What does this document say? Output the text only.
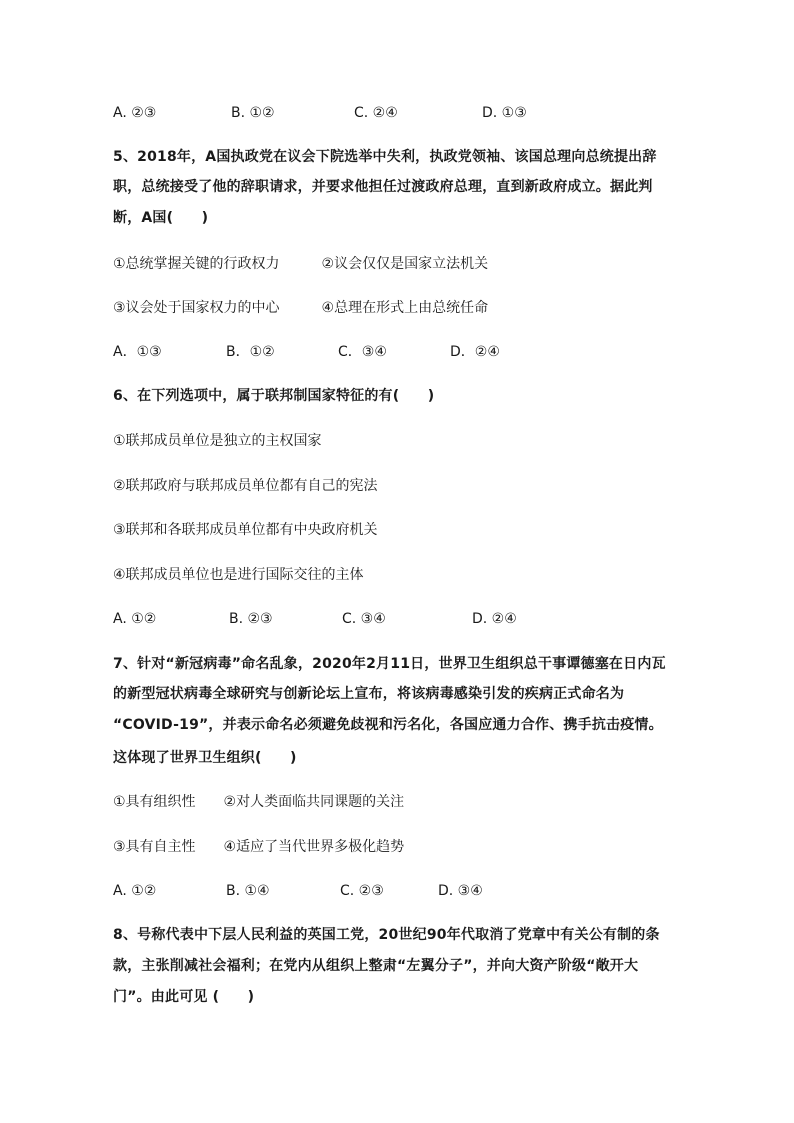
A. ②③	B. ①②	C. ②④	D. ①③
5、2018年，A国执政党在议会下院选举中失利，执政党领袖、该国总理向总统提出辞
职，总统接受了他的辞职请求，并要求他担任过渡政府总理，直到新政府成立。据此判
断，A国(　　)
①总统掌握关键的行政权力　　　②议会仅仅是国家立法机关
③议会处于国家权力的中心　　　④总理在形式上由总统任命
A．①③	B．①②	C．③④	D．②④
6、在下列选项中，属于联邦制国家特征的有(　　)
①联邦成员单位是独立的主权国家
②联邦政府与联邦成员单位都有自己的宪法
③联邦和各联邦成员单位都有中央政府机关
④联邦成员单位也是进行国际交往的主体
A. ①②	B. ②③	C. ③④	D. ②④
7、针对“新冠病毒”命名乱象，2020年2月11日，世界卫生组织总干事谭德塞在日内瓦
的新型冠状病毒全球研究与创新论坛上宣布，将该病毒感染引发的疾病正式命名为
“COVID-19”，并表示命名必须避免歧视和污名化，各国应通力合作、携手抗击疫情。
这体现了世界卫生组织(　　)
①具有组织性　　②对人类面临共同课题的关注
③具有自主性　　④适应了当代世界多极化趋势
A. ①②	B. ①④	C. ②③	D. ③④
8、号称代表中下层人民利益的英国工党，20世纪90年代取消了党章中有关公有制的条
款，主张削减社会福利；在党内从组织上整肃“左翼分子”，并向大资产阶级“敞开大
门”。由此可见 (　　)
